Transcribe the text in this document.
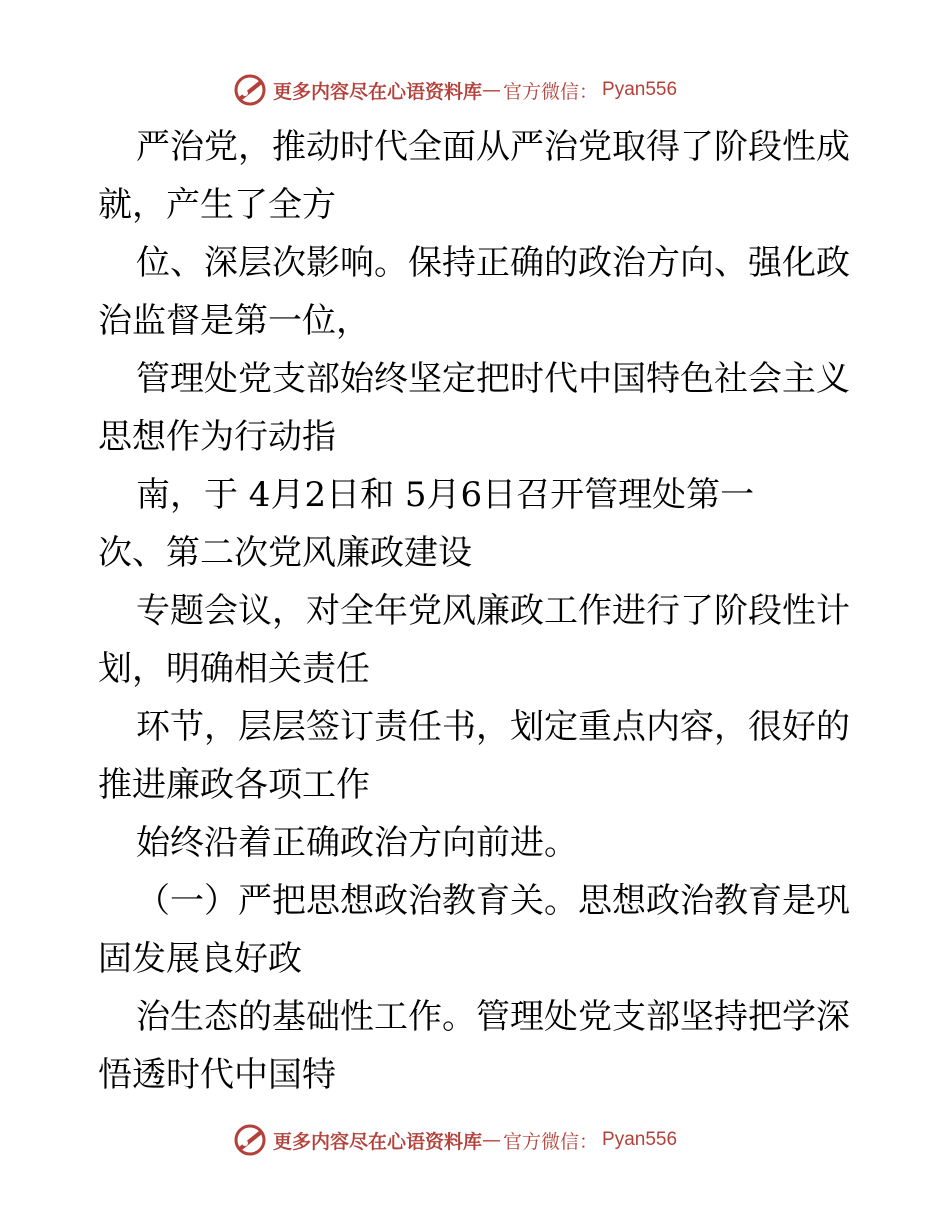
更多内容尽在心语资料库 — 官方微信： Pyan556
严治党，推动时代全面从严治党取得了阶段性成
就，产生了全方
位、深层次影响。保持正确的政治方向、强化政
治监督是第一位，
管理处党支部始终坚定把时代中国特色社会主义
思想作为行动指
南，于 4月2日和 5月6日召开管理处第一
次、第二次党风廉政建设
专题会议，对全年党风廉政工作进行了阶段性计
划，明确相关责任
环节，层层签订责任书，划定重点内容，很好的
推进廉政各项工作
始终沿着正确政治方向前进。
（一）严把思想政治教育关。思想政治教育是巩
固发展良好政
治生态的基础性工作。管理处党支部坚持把学深
悟透时代中国特
更多内容尽在心语资料库 — 官方微信： Pyan556
